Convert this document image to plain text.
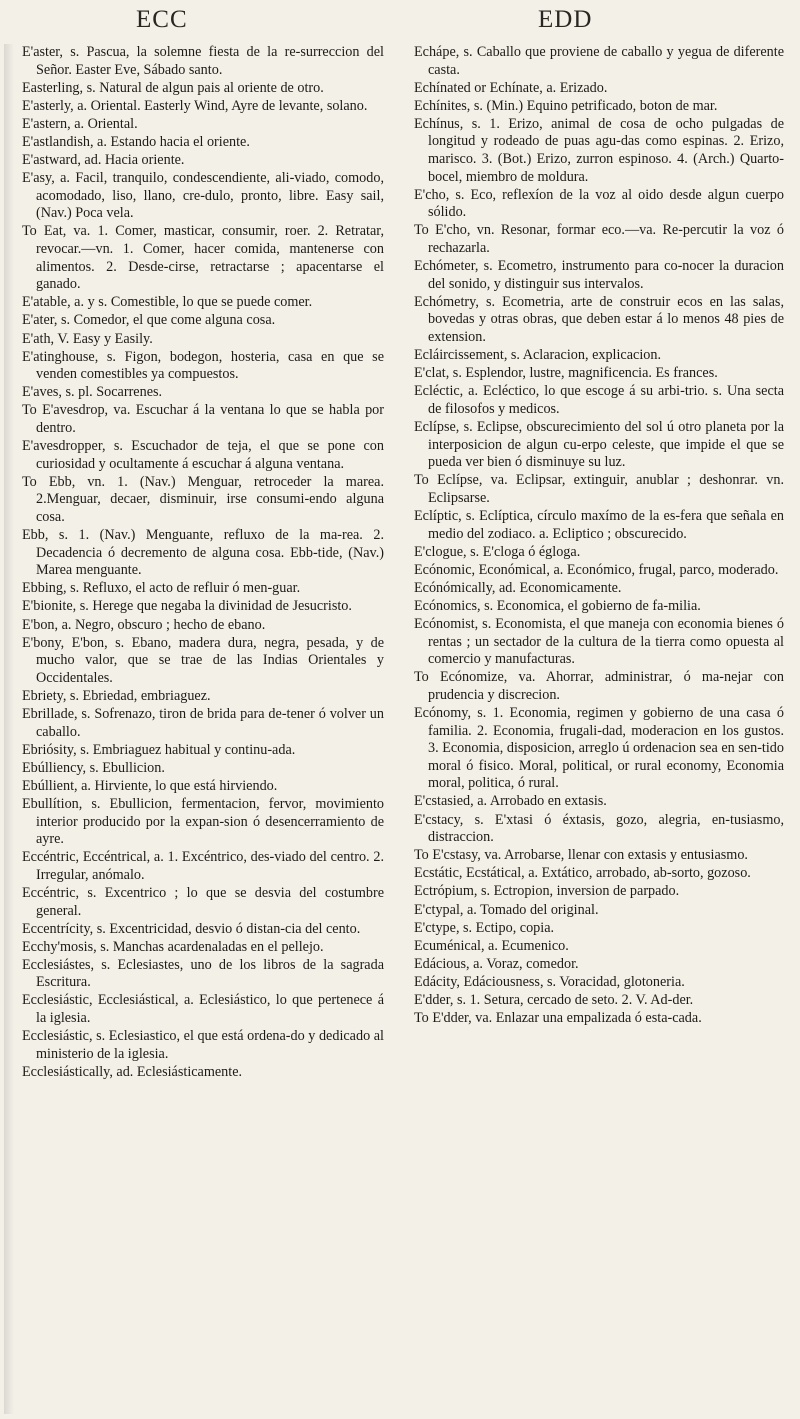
ECC	EDD

E'aster, s. Pascua, la solemne fiesta de la re-surreccion del Señor. Easter Eve, Sábado santo.

Easterling, s. Natural de algun pais al oriente de otro.

E'asterly, a. Oriental. Easterly Wind, Ayre de levante, solano.

E'astern, a. Oriental.

E'astlandish, a. Estando hacia el oriente.

E'astward, ad. Hacia oriente.

E'asy, a. Facil, tranquilo, condescendiente, ali-viado, comodo, acomodado, liso, llano, cre-dulo, pronto, libre. Easy sail, (Nav.) Poca vela.

To Eat, va. 1. Comer, masticar, consumir, roer. 2. Retratar, revocar.—vn. 1. Comer, hacer comida, mantenerse con alimentos. 2. Desde-cirse, retractarse ; apacentarse el ganado.

E'atable, a. y s. Comestible, lo que se puede comer.

E'ater, s. Comedor, el que come alguna cosa.

E'ath, V. Easy y Easily.

E'atinghouse, s. Figon, bodegon, hosteria, casa en que se venden comestibles ya compuestos.

E'aves, s. pl. Socarrenes.

To E'avesdrop, va. Escuchar á la ventana lo que se habla por dentro.

E'avesdropper, s. Escuchador de teja, el que se pone con curiosidad y ocultamente á escuchar á alguna ventana.

To Ebb, vn. 1. (Nav.) Menguar, retroceder la marea. 2.Menguar, decaer, disminuir, irse consumi-endo alguna cosa.

Ebb, s. 1. (Nav.) Menguante, refluxo de la ma-rea. 2. Decadencia ó decremento de alguna cosa. Ebb-tide, (Nav.) Marea menguante.

Ebbing, s. Refluxo, el acto de refluir ó men-guar.

E'bionite, s. Herege que negaba la divinidad de Jesucristo.

E'bon, a. Negro, obscuro ; hecho de ebano.

E'bony, E'bon, s. Ebano, madera dura, negra, pesada, y de mucho valor, que se trae de las Indias Orientales y Occidentales.

Ebriety, s. Ebriedad, embriaguez.

Ebrillade, s. Sofrenazo, tiron de brida para de-tener ó volver un caballo.

Ebriósity, s. Embriaguez habitual y continu-ada.

Ebúlliency, s. Ebullicion.

Ebúllient, a. Hirviente, lo que está hirviendo.

Ebullítion, s. Ebullicion, fermentacion, fervor, movimiento interior producido por la expan-sion ó desencerramiento de ayre.

Eccéntric, Eccéntrical, a. 1. Excéntrico, des-viado del centro. 2. Irregular, anómalo.

Eccéntric, s. Excentrico ; lo que se desvia del costumbre general.

Eccentrícity, s. Excentricidad, desvio ó distan-cia del cento.

Ecchy'mosis, s. Manchas acardenaladas en el pellejo.

Ecclesiástes, s. Eclesiastes, uno de los libros de la sagrada Escritura.

Ecclesiástic, Ecclesiástical, a. Eclesiástico, lo que pertenece á la iglesia.

Ecclesiástic, s. Eclesiastico, el que está ordena-do y dedicado al ministerio de la iglesia.

Ecclesiástically, ad. Eclesiásticamente.

Echápe, s. Caballo que proviene de caballo y yegua de diferente casta.

Echínated or Echínate, a. Erizado.

Echínites, s. (Min.) Equino petrificado, boton de mar.

Echínus, s. 1. Erizo, animal de cosa de ocho pulgadas de longitud y rodeado de puas agu-das como espinas. 2. Erizo, marisco. 3. (Bot.) Erizo, zurron espinoso. 4. (Arch.) Quarto-bocel, miembro de moldura.

E'cho, s. Eco, reflexíon de la voz al oido desde algun cuerpo sólido.

To E'cho, vn. Resonar, formar eco.—va. Re-percutir la voz ó rechazarla.

Echómeter, s. Ecometro, instrumento para co-nocer la duracion del sonido, y distinguir sus intervalos.

Echómetry, s. Ecometria, arte de construir ecos en las salas, bovedas y otras obras, que deben estar á lo menos 48 pies de extension.

Ecláircissement, s. Aclaracion, explicacion.

E'clat, s. Esplendor, lustre, magnificencia. Es frances.

Ecléctic, a. Ecléctico, lo que escoge á su arbi-trio. s. Una secta de filosofos y medicos.

Eclípse, s. Eclipse, obscurecimiento del sol ú otro planeta por la interposicion de algun cu-erpo celeste, que impide el que se pueda ver bien ó disminuye su luz.

To Eclípse, va. Eclipsar, extinguir, anublar ; deshonrar. vn. Eclipsarse.

Eclíptic, s. Eclíptica, círculo maxímo de la es-fera que señala en medio del zodiaco. a. Ecliptico ; obscurecido.

E'clogue, s. E'cloga ó égloga.

Ecónomic, Económical, a. Económico, frugal, parco, moderado.

Ecónómically, ad. Economicamente.

Ecónomics, s. Economica, el gobierno de fa-milia.

Ecónomist, s. Economista, el que maneja con economia bienes ó rentas ; un sectador de la cultura de la tierra como opuesta al comercio y manufacturas.

To Ecónomize, va. Ahorrar, administrar, ó ma-nejar con prudencia y discrecion.

Ecónomy, s. 1. Economia, regimen y gobierno de una casa ó familia. 2. Economia, frugali-dad, moderacion en los gustos. 3. Economia, disposicion, arreglo ú ordenacion sea en sen-tido moral ó fisico. Moral, political, or rural economy, Economia moral, politica, ó rural.

E'cstasied, a. Arrobado en extasis.

E'cstacy, s. E'xtasi ó éxtasis, gozo, alegria, en-tusiasmo, distraccion.

To E'cstasy, va. Arrobarse, llenar con extasis y entusiasmo.

Ecstátic, Ecstátical, a. Extático, arrobado, ab-sorto, gozoso.

Ectrópium, s. Ectropion, inversion de parpado.

E'ctypal, a. Tomado del original.

E'ctype, s. Ectipo, copia.

Ecuménical, a. Ecumenico.

Edácious, a. Voraz, comedor.

Edácity, Edáciousness, s. Voracidad, glotoneria.

E'dder, s. 1. Setura, cercado de seto. 2. V. Ad-der.

To E'dder, va. Enlazar una empalizada ó esta-cada.
